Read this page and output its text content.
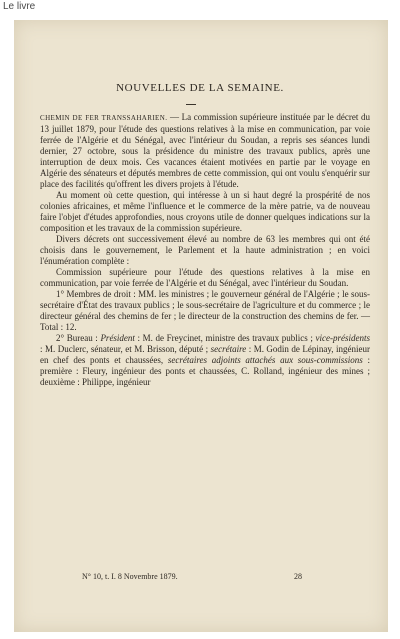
Le livre
NOUVELLES DE LA SEMAINE.

CHEMIN DE FER TRANSSAHARIEN. — La commission supérieure instituée par le décret du 13 juillet 1879, pour l'étude des questions relatives à la mise en communication, par voie ferrée de l'Algérie et du Sénégal, avec l'intérieur du Soudan, a repris ses séances lundi dernier, 27 octobre, sous la présidence du ministre des travaux publics, après une interruption de deux mois. Ces vacances étaient motivées en partie par le voyage en Algérie des sénateurs et députés membres de cette commission, qui ont voulu s'enquérir sur place des facilités qu'offrent les divers projets à l'étude.

Au moment où cette question, qui intéresse à un si haut degré la prospérité de nos colonies africaines, et même l'influence et le commerce de la mère patrie, va de nouveau faire l'objet d'études approfondies, nous croyons utile de donner quelques indications sur la composition et les travaux de la commission supérieure.

Divers décrets ont successivement élevé au nombre de 63 les membres qui ont été choisis dans le gouvernement, le Parlement et la haute administration ; en voici l'énumération complète :

Commission supérieure pour l'étude des questions relatives à la mise en communication, par voie ferrée de l'Algérie et du Sénégal, avec l'intérieur du Soudan.

1° Membres de droit : MM. les ministres ; le gouverneur général de l'Algérie ; le sous-secrétaire d'État des travaux publics ; le sous-secrétaire de l'agriculture et du commerce ; le directeur général des chemins de fer ; le directeur de la construction des chemins de fer. — Total : 12.

2° Bureau : Président : M. de Freycinet, ministre des travaux publics ; vice-présidents : M. Duclerc, sénateur, et M. Brisson, député ; secrétaire : M. Godin de Lépinay, ingénieur en chef des ponts et chaussées, secrétaires adjoints attachés aux sous-commissions : première : Fleury, ingénieur des ponts et chaussées, C. Rolland, ingénieur des mines ; deuxième : Philippe, ingénieur

N° 10, t. I. 8 Novembre 1879.	28
